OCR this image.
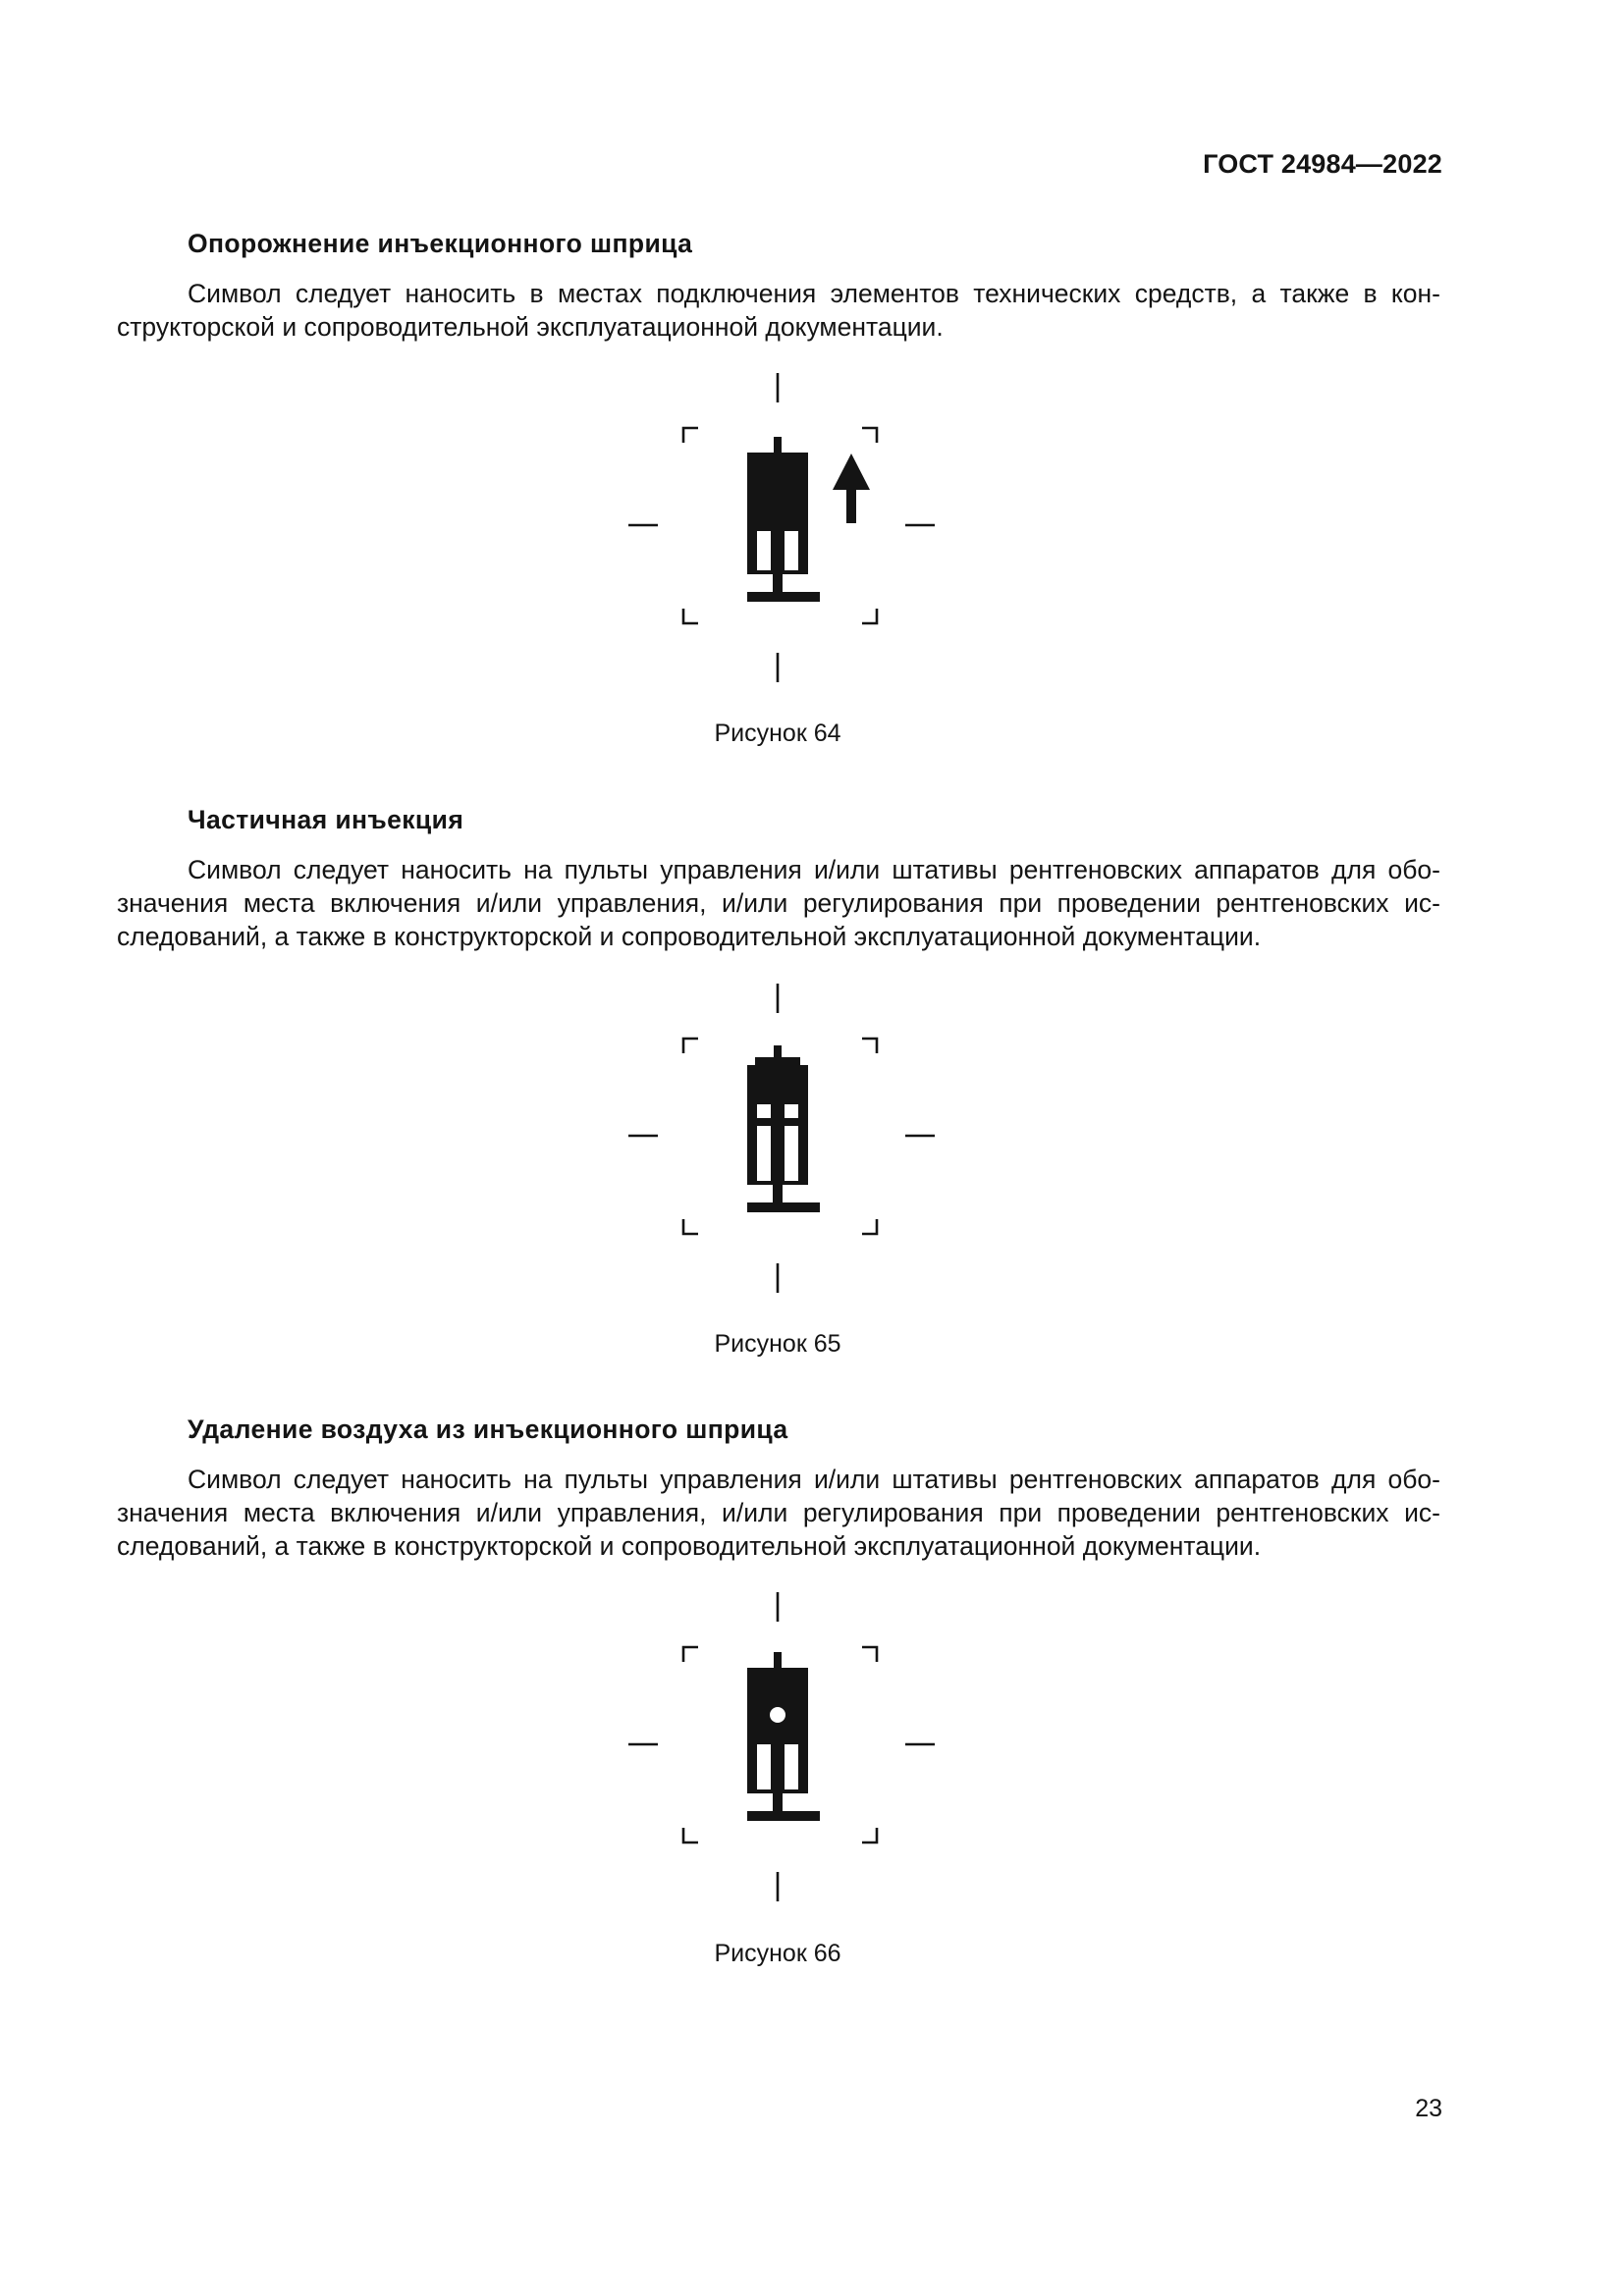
ГОСТ 24984—2022
Опорожнение инъекционного шприца
Символ следует наносить в местах подключения элементов технических средств, а также в кон-
структорской и сопроводительной эксплуатационной документации.
Рисунок 64
Частичная инъекция
Символ следует наносить на пульты управления и/или штативы рентгеновских аппаратов для обо-
значения места включения и/или управления, и/или регулирования при проведении рентгеновских ис-
следований, а также в конструкторской и сопроводительной эксплуатационной документации.
Рисунок 65
Удаление воздуха из инъекционного шприца
Символ следует наносить на пульты управления и/или штативы рентгеновских аппаратов для обо-
значения места включения и/или управления, и/или регулирования при проведении рентгеновских ис-
следований, а также в конструкторской и сопроводительной эксплуатационной документации.
Рисунок 66
23
